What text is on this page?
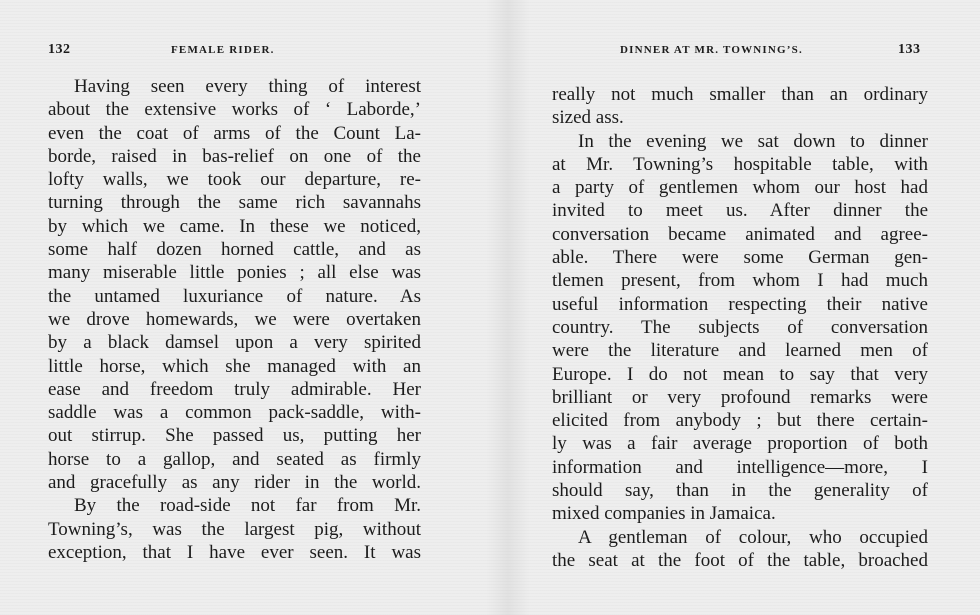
132	FEMALE RIDER.
Having seen every thing of interest
about the extensive works of ‘ Laborde,’
even the coat of arms of the Count La-
borde, raised in bas-relief on one of the
lofty walls, we took our departure, re-
turning through the same rich savannahs
by which we came. In these we noticed,
some half dozen horned cattle, and as
many miserable little ponies ; all else was
the untamed luxuriance of nature. As
we drove homewards, we were overtaken
by a black damsel upon a very spirited
little horse, which she managed with an
ease and freedom truly admirable. Her
saddle was a common pack-saddle, with-
out stirrup. She passed us, putting her
horse to a gallop, and seated as firmly
and gracefully as any rider in the world.
By the road-side not far from Mr.
Towning’s, was the largest pig, without
exception, that I have ever seen. It was
DINNER AT MR. TOWNING’S.	133
really not much smaller than an ordinary
sized ass.
In the evening we sat down to dinner
at Mr. Towning’s hospitable table, with
a party of gentlemen whom our host had
invited to meet us. After dinner the
conversation became animated and agree-
able. There were some German gen-
tlemen present, from whom I had much
useful information respecting their native
country. The subjects of conversation
were the literature and learned men of
Europe. I do not mean to say that very
brilliant or very profound remarks were
elicited from anybody ; but there certain-
ly was a fair average proportion of both
information and intelligence—more, I
should say, than in the generality of
mixed companies in Jamaica.
A gentleman of colour, who occupied
the seat at the foot of the table, broached
